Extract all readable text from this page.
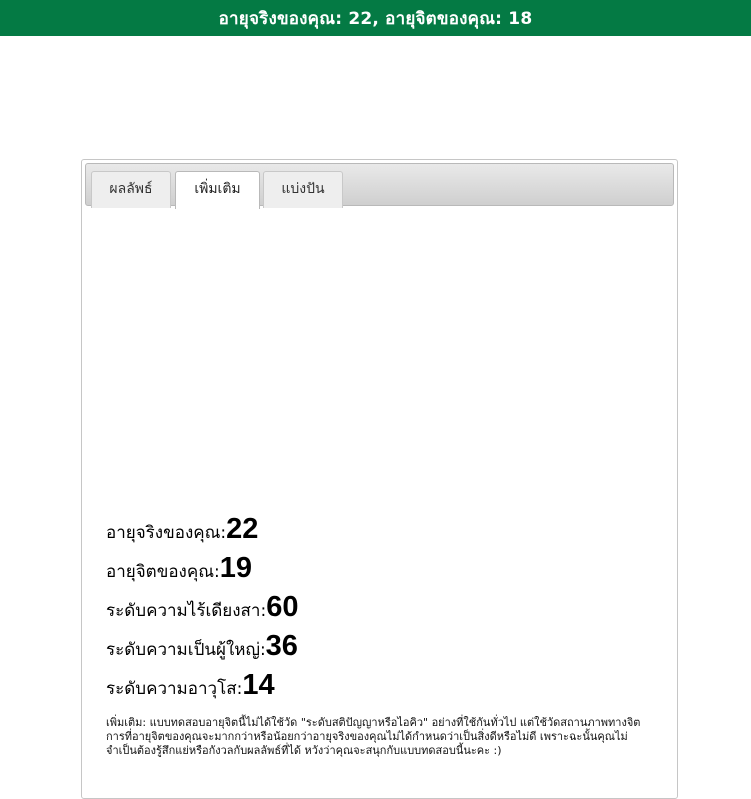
อายุจริงของคุณ: 22, อายุจิตของคุณ: 18
ผลลัพธ์	เพิ่มเติม	แบ่งปัน
อายุจริงของคุณ:22
อายุจิตของคุณ:19
ระดับความไร้เดียงสา:60
ระดับความเป็นผู้ใหญ่:36
ระดับความอาวุโส:14
เพิ่มเติม: แบบทดสอบอายุจิตนี้ไม่ได้ใช้วัด "ระดับสติปัญญาหรือไอคิว" อย่างที่ใช้กันทั่วไป แต่ใช้วัดสถานภาพทางจิต การที่อายุจิตของคุณจะมากกว่าหรือน้อยกว่าอายุจริงของคุณไม่ได้กำหนดว่าเป็นสิ่งดีหรือไม่ดี เพราะฉะนั้นคุณไม่จำเป็นต้องรู้สึกแย่หรือกังวลกับผลลัพธ์ที่ได้ หวังว่าคุณจะสนุกกับแบบทดสอบนี้นะคะ :)
